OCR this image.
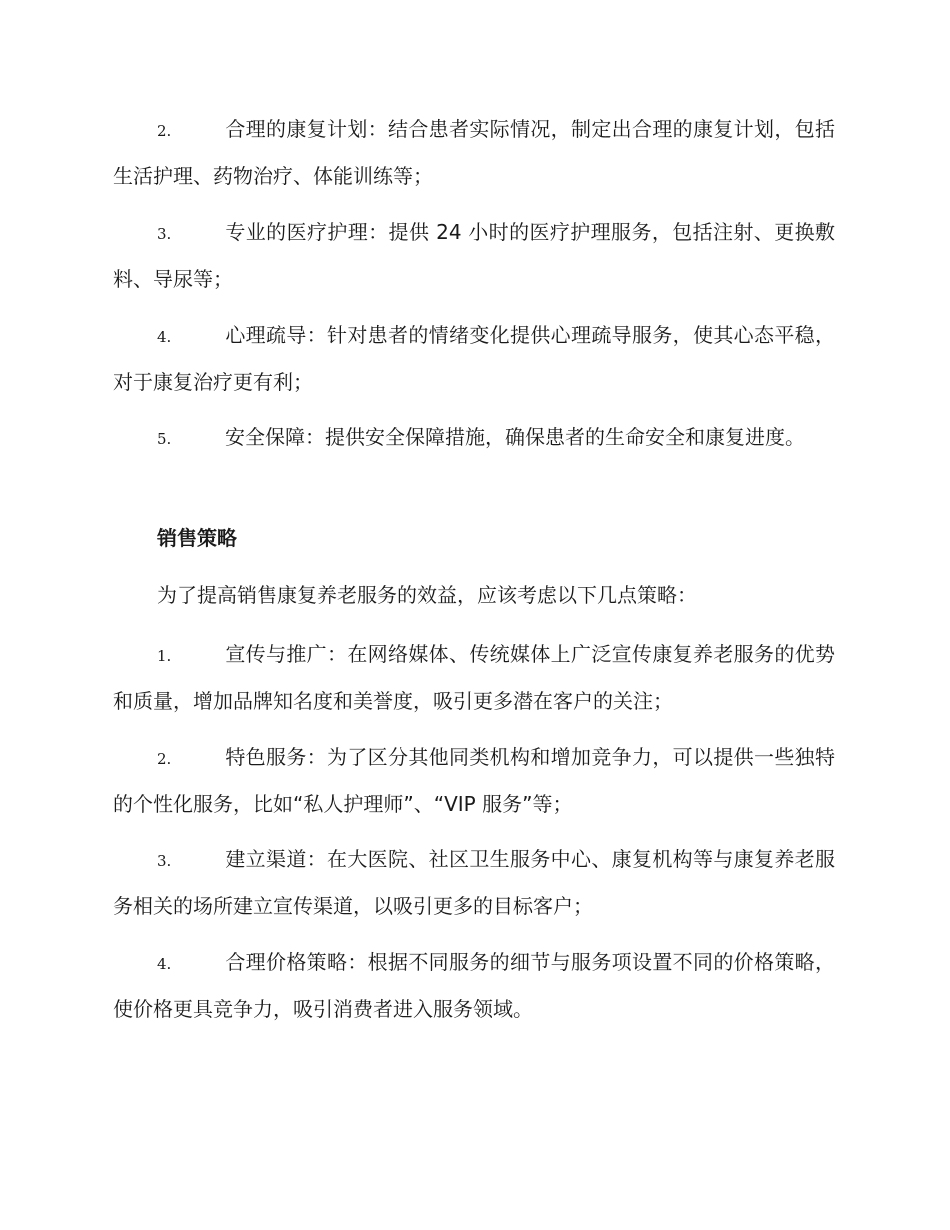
2.	合理的康复计划：结合患者实际情况，制定出合理的康复计划，包括生活护理、药物治疗、体能训练等；
3.	专业的医疗护理：提供 24 小时的医疗护理服务，包括注射、更换敷料、导尿等；
4.	心理疏导：针对患者的情绪变化提供心理疏导服务，使其心态平稳，对于康复治疗更有利；
5.	安全保障：提供安全保障措施，确保患者的生命安全和康复进度。
销售策略
为了提高销售康复养老服务的效益，应该考虑以下几点策略：
1.	宣传与推广：在网络媒体、传统媒体上广泛宣传康复养老服务的优势和质量，增加品牌知名度和美誉度，吸引更多潜在客户的关注；
2.	特色服务：为了区分其他同类机构和增加竞争力，可以提供一些独特的个性化服务，比如“私人护理师”、“VIP 服务”等；
3.	建立渠道：在大医院、社区卫生服务中心、康复机构等与康复养老服务相关的场所建立宣传渠道，以吸引更多的目标客户；
4.	合理价格策略：根据不同服务的细节与服务项设置不同的价格策略，使价格更具竞争力，吸引消费者进入服务领域。
